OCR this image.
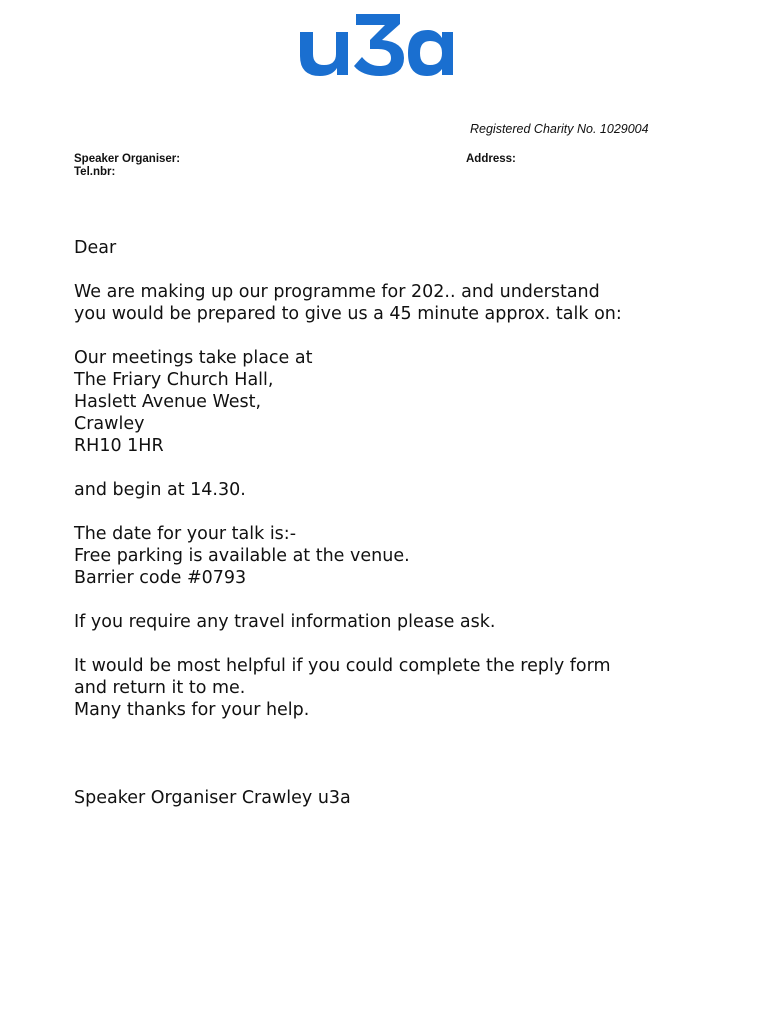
Registered Charity No. 1029004
Speaker Organiser:
Tel.nbr:
Address:
Dear
We are making up our programme for 202.. and understand
you would be prepared to give us a 45 minute approx. talk on:
Our meetings take place at
The Friary Church Hall,
Haslett Avenue West,
Crawley
RH10 1HR
and begin at 14.30.
The date for your talk is:-
Free parking is available at the venue.
Barrier code #0793
If you require any travel information please ask.
It would be most helpful if you could complete the reply form
and return it to me.
Many thanks for your help.
Speaker Organiser Crawley u3a
